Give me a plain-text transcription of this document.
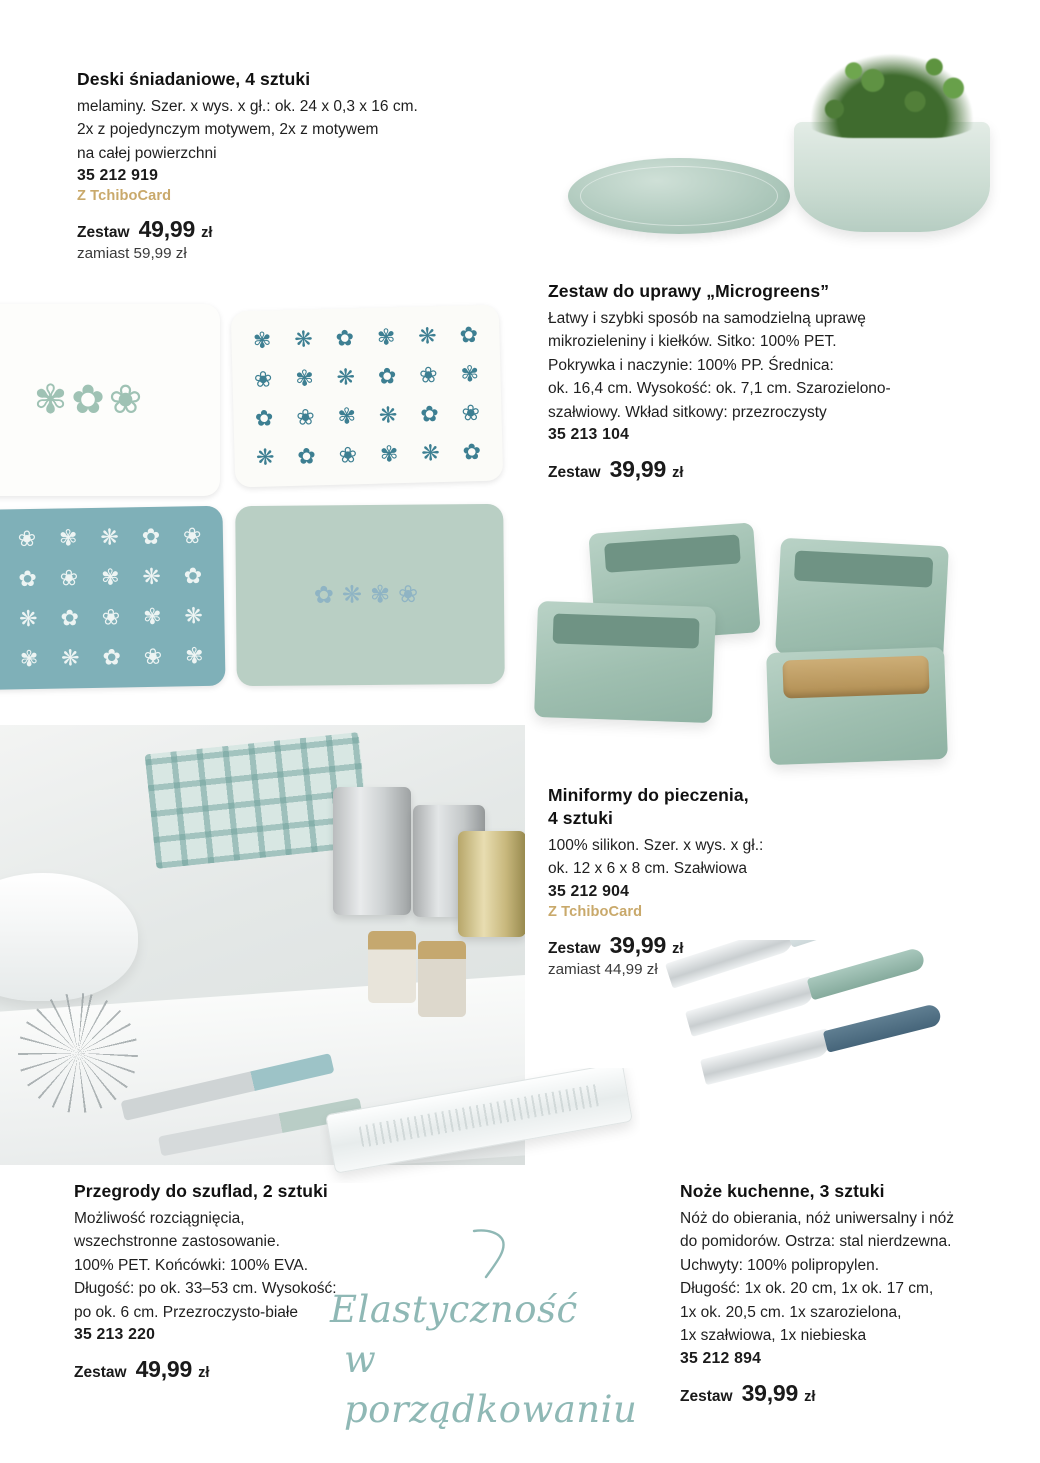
Deski śniadaniowe, 4 sztuki
melaminy. Szer. x wys. x gł.: ok. 24 x 0,3 x 16 cm.
2x z pojedynczym motywem, 2x z motywem
na całej powierzchni
35 212 919
Z TchiboCard
Zestaw 49,99 zł
zamiast 59,99 zł
✾✿❀
✾ ❋ ✿ ✾ ❋ ✿
❀ ✾ ❋ ✿ ❀ ✾
✿ ❀ ✾ ❋ ✿ ❀
❋ ✿ ❀ ✾ ❋ ✿
❀ ✾ ❋ ✿ ❀
✿ ❀ ✾ ❋ ✿
❋ ✿ ❀ ✾ ❋
✾ ❋ ✿ ❀ ✾
✿❋✾❀
Zestaw do uprawy „Microgreens”
Łatwy i szybki sposób na samodzielną uprawę
mikrozieleniny i kiełków. Sitko: 100% PET.
Pokrywka i naczynie: 100% PP. Średnica:
ok. 16,4 cm. Wysokość: ok. 7,1 cm. Szarozielono-
szałwiowy. Wkład sitkowy: przezroczysty
35 213 104
Zestaw 39,99 zł
Miniformy do pieczenia,
4 sztuki
100% silikon. Szer. x wys. x gł.:
ok. 12 x 6 x 8 cm. Szałwiowa
35 212 904
Z TchiboCard
Zestaw 39,99 zł
zamiast 44,99 zł
Przegrody do szuflad, 2 sztuki
Możliwość rozciągnięcia,
wszechstronne zastosowanie.
100% PET. Końcówki: 100% EVA.
Długość: po ok. 33–53 cm. Wysokość:
po ok. 6 cm. Przezroczysto-białe
35 213 220
Zestaw 49,99 zł
Noże kuchenne, 3 sztuki
Nóż do obierania, nóż uniwersalny i nóż
do pomidorów. Ostrza: stal nierdzewna.
Uchwyty: 100% polipropylen.
Długość: 1x ok. 20 cm, 1x ok. 17 cm,
1x ok. 20,5 cm. 1x szarozielona,
1x szałwiowa, 1x niebieska
35 212 894
Zestaw 39,99 zł
Elastyczność
w porządkowaniu
